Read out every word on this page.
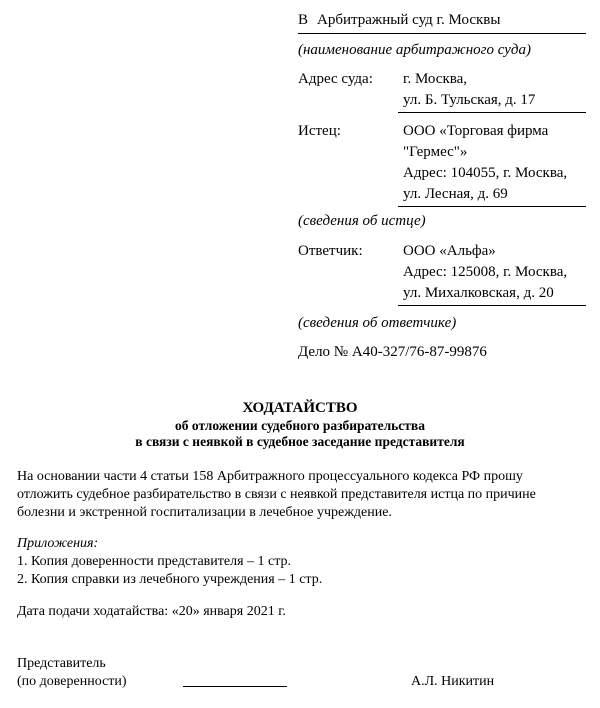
В Арбитражный суд г. Москвы
(наименование арбитражного суда)
Адрес суда: г. Москва,
ул. Б. Тульская, д. 17
Истец:	ООО «Торговая фирма
"Гермес"»
Адрес: 104055, г. Москва,
ул. Лесная, д. 69
(сведения об истце)
Ответчик:	ООО «Альфа»
Адрес: 125008, г. Москва,
ул. Михалковская, д. 20
(сведения об ответчике)
Дело № А40-327/76-87-99876
ХОДАТАЙСТВО
об отложении судебного разбирательства
в связи с неявкой в судебное заседание представителя
На основании части 4 статьи 158 Арбитражного процессуального кодекса РФ прошу
отложить судебное разбирательство в связи с неявкой представителя истца по причине
болезни и экстренной госпитализации в лечебное учреждение.
Приложения:
1. Копия доверенности представителя – 1 стр.
2. Копия справки из лечебного учреждения – 1 стр.
Дата подачи ходатайства: «20» января 2021 г.
Представитель
(по доверенности)	А.Л. Никитин
